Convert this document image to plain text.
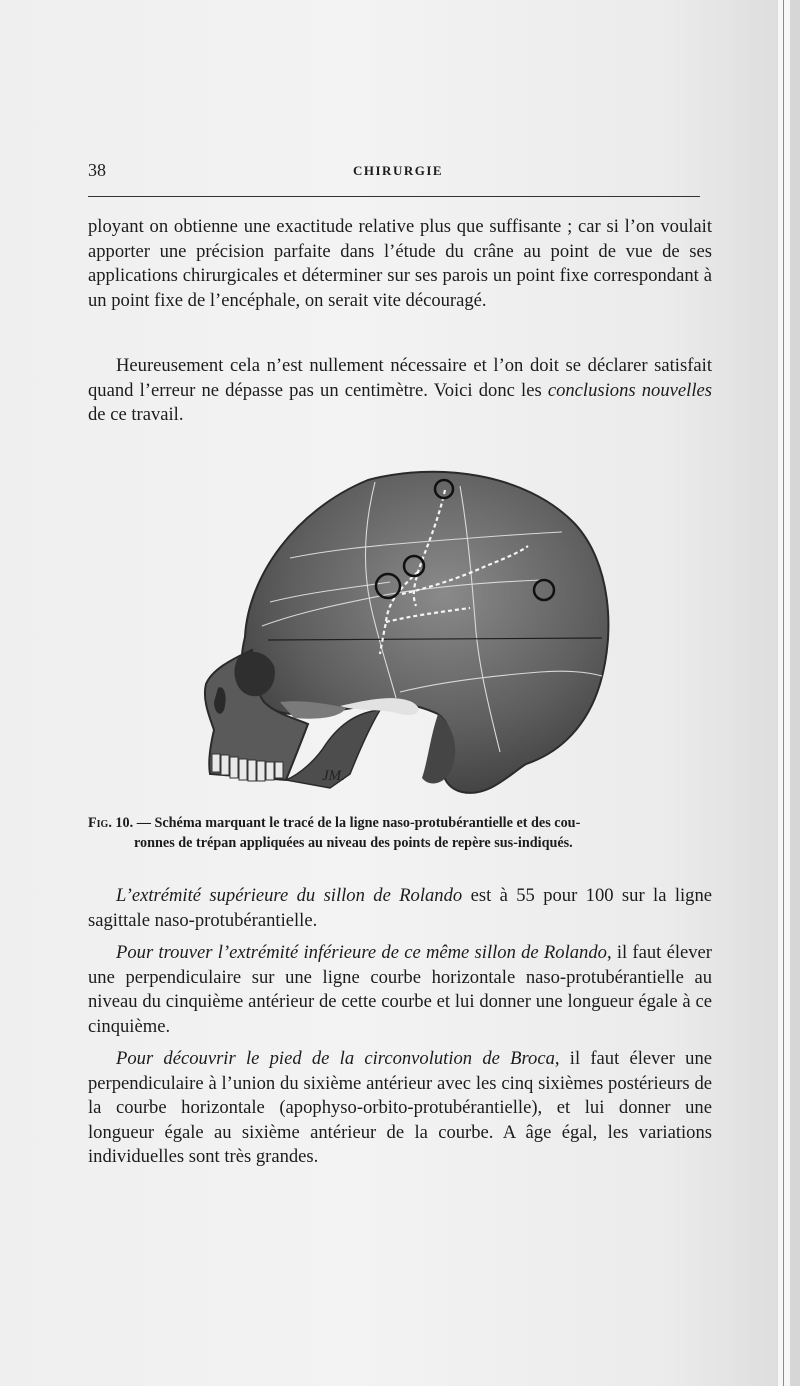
38	CHIRURGIE

ployant on obtienne une exactitude relative plus que suffisante ; car si l’on voulait apporter une précision parfaite dans l’étude du crâne au point de vue de ses applications chirurgicales et déterminer sur ses parois un point fixe correspondant à un point fixe de l’encéphale, on serait vite découragé.

Heureusement cela n’est nullement nécessaire et l’on doit se déclarer satisfait quand l’erreur ne dépasse pas un centimètre. Voici donc les conclusions nouvelles de ce travail.

JM.

Fig. 10. — Schéma marquant le tracé de la ligne naso-protubérantielle et des cou-
ronnes de trépan appliquées au niveau des points de repère sus-indiqués.

L’extrémité supérieure du sillon de Rolando est à 55 pour 100 sur la ligne sagittale naso-protubérantielle.

Pour trouver l’extrémité inférieure de ce même sillon de Rolando, il faut élever une perpendiculaire sur une ligne courbe horizontale naso-protubérantielle au niveau du cinquième antérieur de cette courbe et lui donner une longueur égale à ce cinquième.

Pour découvrir le pied de la circonvolution de Broca, il faut élever une perpendiculaire à l’union du sixième antérieur avec les cinq sixièmes postérieurs de la courbe horizontale (apophyso-orbito-protubérantielle), et lui donner une longueur égale au sixième antérieur de la courbe. A âge égal, les variations individuelles sont très grandes.
